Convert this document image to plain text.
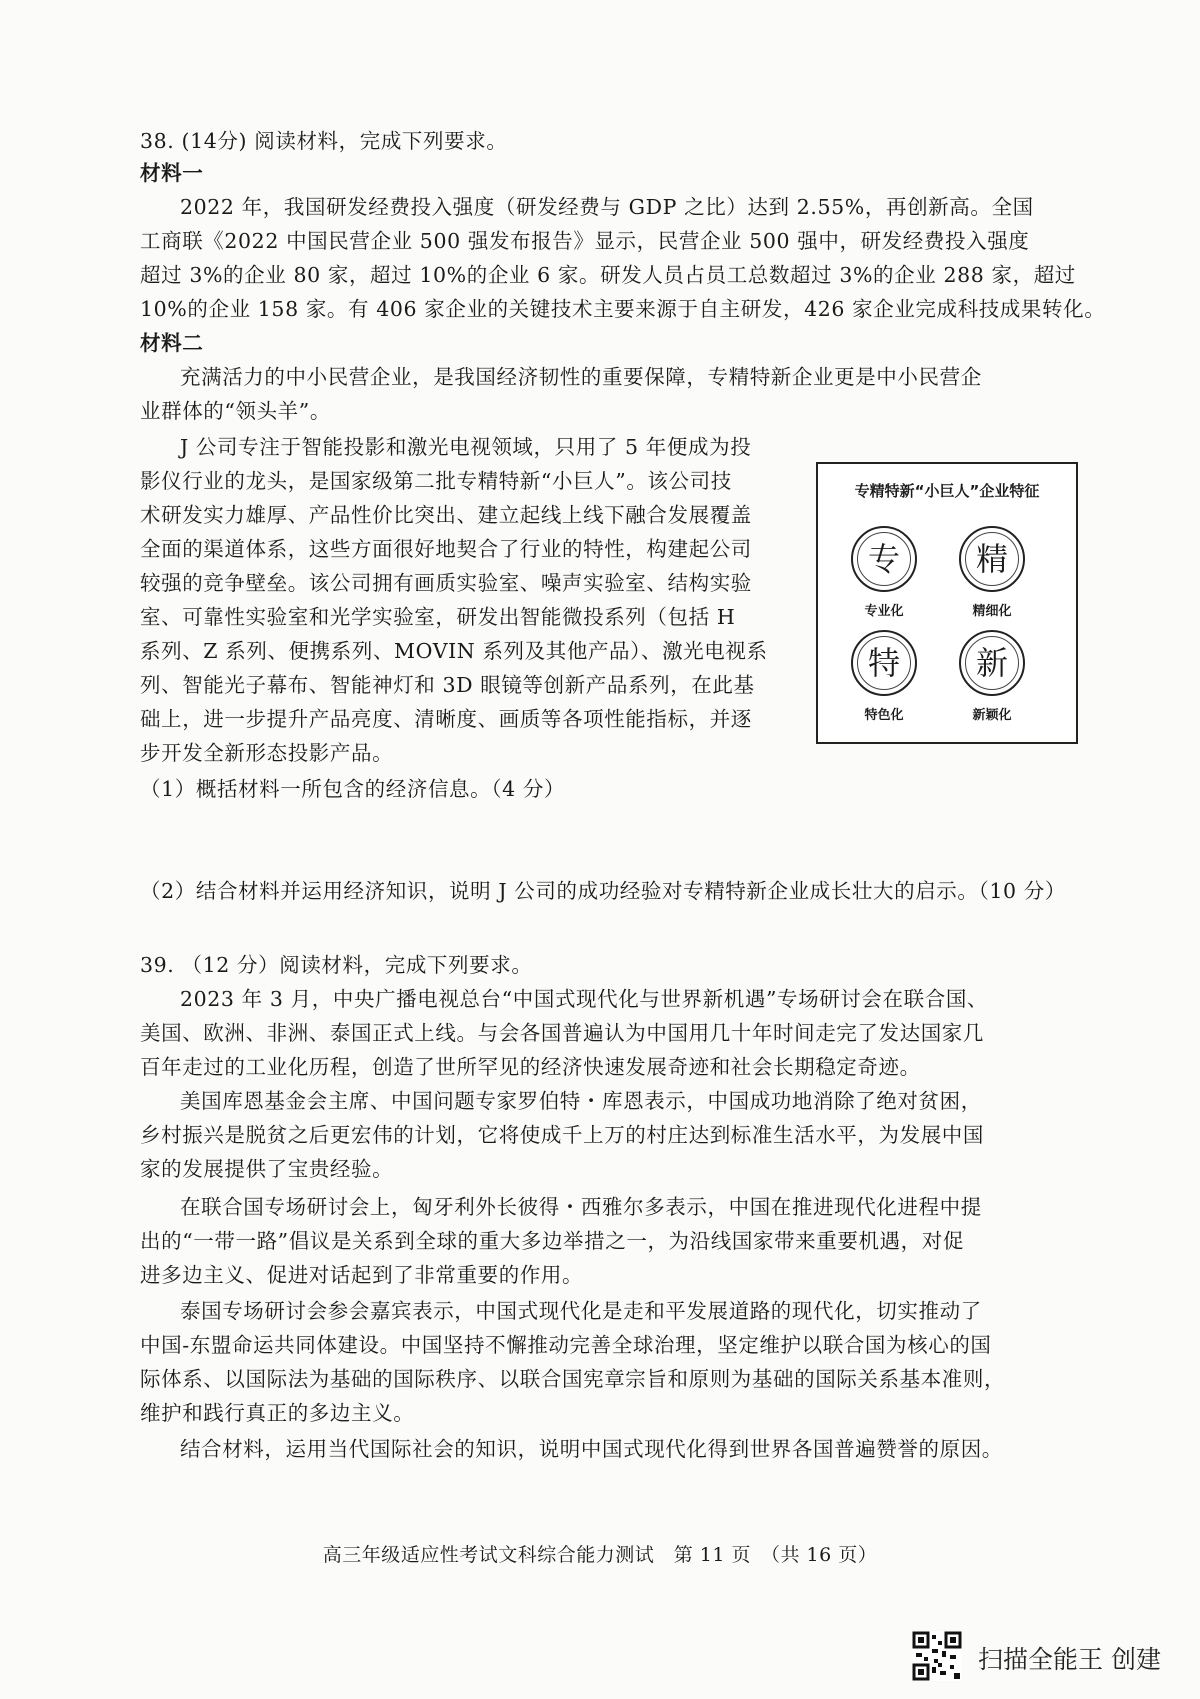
38. (14分) 阅读材料，完成下列要求。
材料一
2022 年，我国研发经费投入强度（研发经费与 GDP 之比）达到 2.55%，再创新高。全国
工商联《2022 中国民营企业 500 强发布报告》显示，民营企业 500 强中，研发经费投入强度
超过 3%的企业 80 家，超过 10%的企业 6 家。研发人员占员工总数超过 3%的企业 288 家，超过
10%的企业 158 家。有 406 家企业的关键技术主要来源于自主研发，426 家企业完成科技成果转化。
材料二
充满活力的中小民营企业，是我国经济韧性的重要保障，专精特新企业更是中小民营企
业群体的“领头羊”。
J 公司专注于智能投影和激光电视领域，只用了 5 年便成为投
影仪行业的龙头，是国家级第二批专精特新“小巨人”。该公司技
术研发实力雄厚、产品性价比突出、建立起线上线下融合发展覆盖
全面的渠道体系，这些方面很好地契合了行业的特性，构建起公司
较强的竞争壁垒。该公司拥有画质实验室、噪声实验室、结构实验
室、可靠性实验室和光学实验室，研发出智能微投系列（包括 H
系列、Z 系列、便携系列、MOVIN 系列及其他产品）、激光电视系
列、智能光子幕布、智能神灯和 3D 眼镜等创新产品系列，在此基
础上，进一步提升产品亮度、清晰度、画质等各项性能指标，并逐
步开发全新形态投影产品。
专精特新“小巨人”企业特征
专
专业化
精
精细化
特
特色化
新
新颖化
（1）概括材料一所包含的经济信息。（4 分）
（2）结合材料并运用经济知识，说明 J 公司的成功经验对专精特新企业成长壮大的启示。（10 分）
39. （12 分）阅读材料，完成下列要求。
2023 年 3 月，中央广播电视总台“中国式现代化与世界新机遇”专场研讨会在联合国、
美国、欧洲、非洲、泰国正式上线。与会各国普遍认为中国用几十年时间走完了发达国家几
百年走过的工业化历程，创造了世所罕见的经济快速发展奇迹和社会长期稳定奇迹。
美国库恩基金会主席、中国问题专家罗伯特・库恩表示，中国成功地消除了绝对贫困，
乡村振兴是脱贫之后更宏伟的计划，它将使成千上万的村庄达到标准生活水平，为发展中国
家的发展提供了宝贵经验。
在联合国专场研讨会上，匈牙利外长彼得・西雅尔多表示，中国在推进现代化进程中提
出的“一带一路”倡议是关系到全球的重大多边举措之一，为沿线国家带来重要机遇，对促
进多边主义、促进对话起到了非常重要的作用。
泰国专场研讨会参会嘉宾表示，中国式现代化是走和平发展道路的现代化，切实推动了
中国-东盟命运共同体建设。中国坚持不懈推动完善全球治理，坚定维护以联合国为核心的国
际体系、以国际法为基础的国际秩序、以联合国宪章宗旨和原则为基础的国际关系基本准则，
维护和践行真正的多边主义。
结合材料，运用当代国际社会的知识，说明中国式现代化得到世界各国普遍赞誉的原因。
高三年级适应性考试文科综合能力测试　第 11 页　（共 16 页）
扫描全能王 创建
